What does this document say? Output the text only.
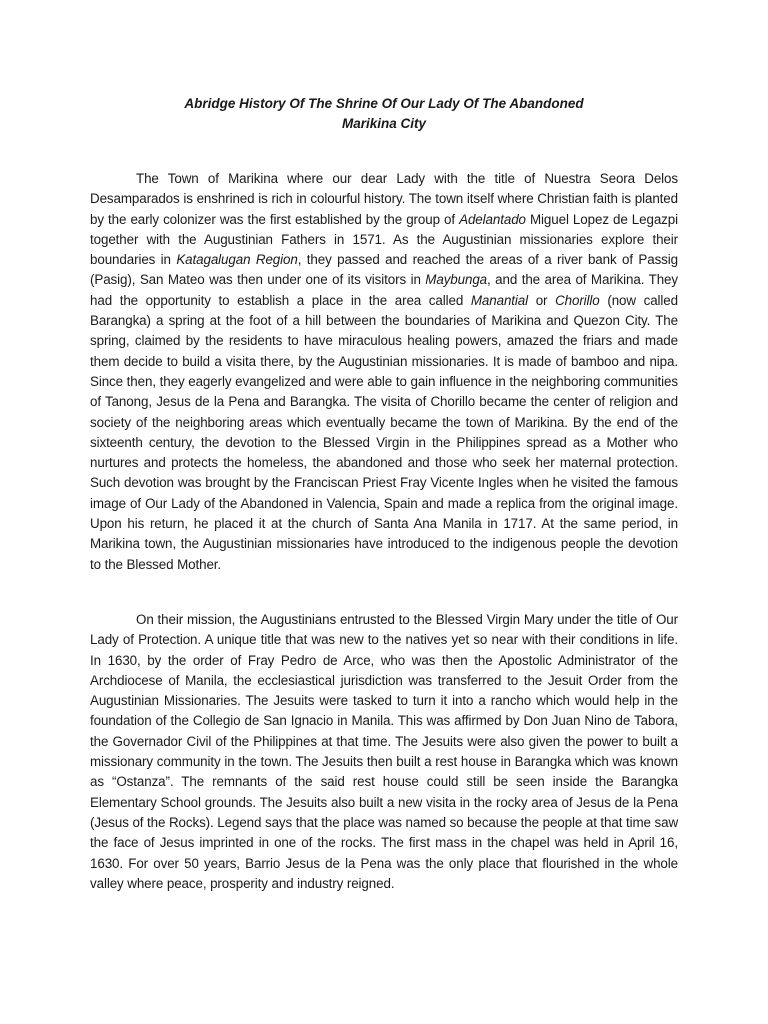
Abridge History Of The Shrine Of Our Lady Of The Abandoned
Marikina City

The Town of Marikina where our dear Lady with the title of Nuestra Seora Delos Desamparados is enshrined is rich in colourful history. The town itself where Christian faith is planted by the early colonizer was the first established by the group of Adelantado Miguel Lopez de Legazpi together with the Augustinian Fathers in 1571. As the Augustinian missionaries explore their boundaries in Katagalugan Region, they passed and reached the areas of a river bank of Passig (Pasig), San Mateo was then under one of its visitors in Maybunga, and the area of Marikina. They had the opportunity to establish a place in the area called Manantial or Chorillo (now called Barangka) a spring at the foot of a hill between the boundaries of Marikina and Quezon City. The spring, claimed by the residents to have miraculous healing powers, amazed the friars and made them decide to build a visita there, by the Augustinian missionaries. It is made of bamboo and nipa. Since then, they eagerly evangelized and were able to gain influence in the neighboring communities of Tanong, Jesus de la Pena and Barangka. The visita of Chorillo became the center of religion and society of the neighboring areas which eventually became the town of Marikina. By the end of the sixteenth century, the devotion to the Blessed Virgin in the Philippines spread as a Mother who nurtures and protects the homeless, the abandoned and those who seek her maternal protection. Such devotion was brought by the Franciscan Priest Fray Vicente Ingles when he visited the famous image of Our Lady of the Abandoned in Valencia, Spain and made a replica from the original image. Upon his return, he placed it at the church of Santa Ana Manila in 1717. At the same period, in Marikina town, the Augustinian missionaries have introduced to the indigenous people the devotion to the Blessed Mother.

On their mission, the Augustinians entrusted to the Blessed Virgin Mary under the title of Our Lady of Protection. A unique title that was new to the natives yet so near with their conditions in life. In 1630, by the order of Fray Pedro de Arce, who was then the Apostolic Administrator of the Archdiocese of Manila, the ecclesiastical jurisdiction was transferred to the Jesuit Order from the Augustinian Missionaries. The Jesuits were tasked to turn it into a rancho which would help in the foundation of the Collegio de San Ignacio in Manila. This was affirmed by Don Juan Nino de Tabora, the Governador Civil of the Philippines at that time. The Jesuits were also given the power to built a missionary community in the town. The Jesuits then built a rest house in Barangka which was known as “Ostanza”. The remnants of the said rest house could still be seen inside the Barangka Elementary School grounds. The Jesuits also built a new visita in the rocky area of Jesus de la Pena (Jesus of the Rocks). Legend says that the place was named so because the people at that time saw the face of Jesus imprinted in one of the rocks. The first mass in the chapel was held in April 16, 1630. For over 50 years, Barrio Jesus de la Pena was the only place that flourished in the whole valley where peace, prosperity and industry reigned.
